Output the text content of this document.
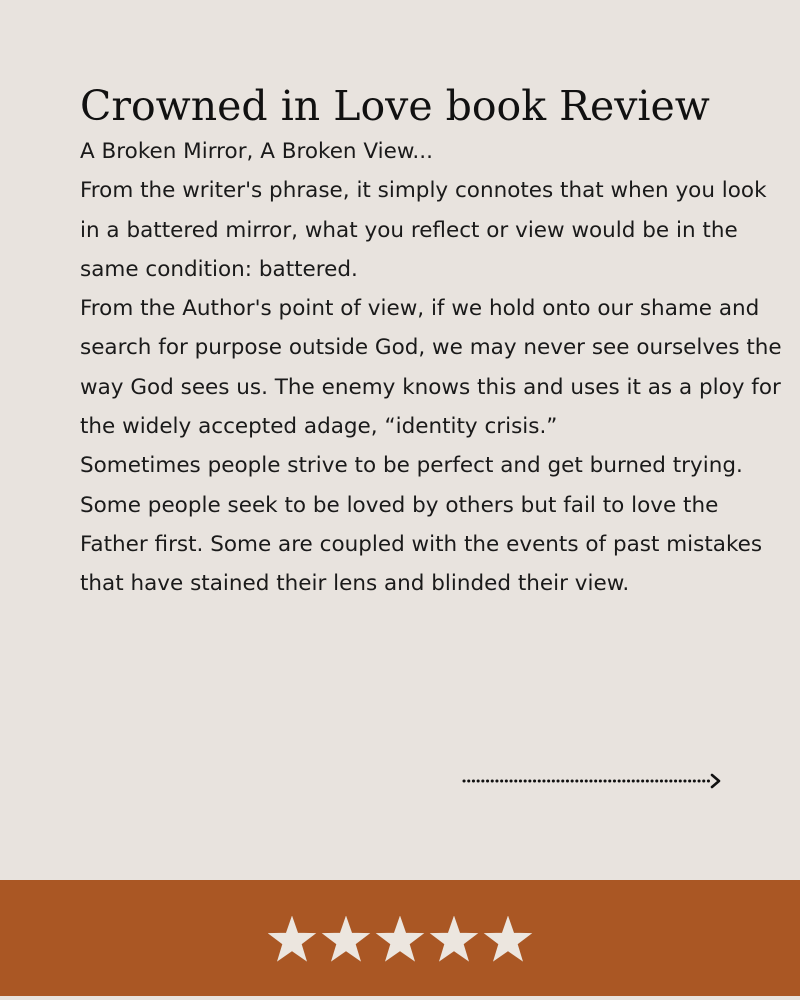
Crowned in Love book Review

A Broken Mirror, A Broken View...

From the writer's phrase, it simply connotes that when you look in a battered mirror, what you reflect or view would be in the same condition: battered.

From the Author's point of view, if we hold onto our shame and search for purpose outside God, we may never see ourselves the way God sees us. The enemy knows this and uses it as a ploy for the widely accepted adage, “identity crisis.”

Sometimes people strive to be perfect and get burned trying.

Some people seek to be loved by others but fail to love the Father first. Some are coupled with the events of past mistakes that have stained their lens and blinded their view.
